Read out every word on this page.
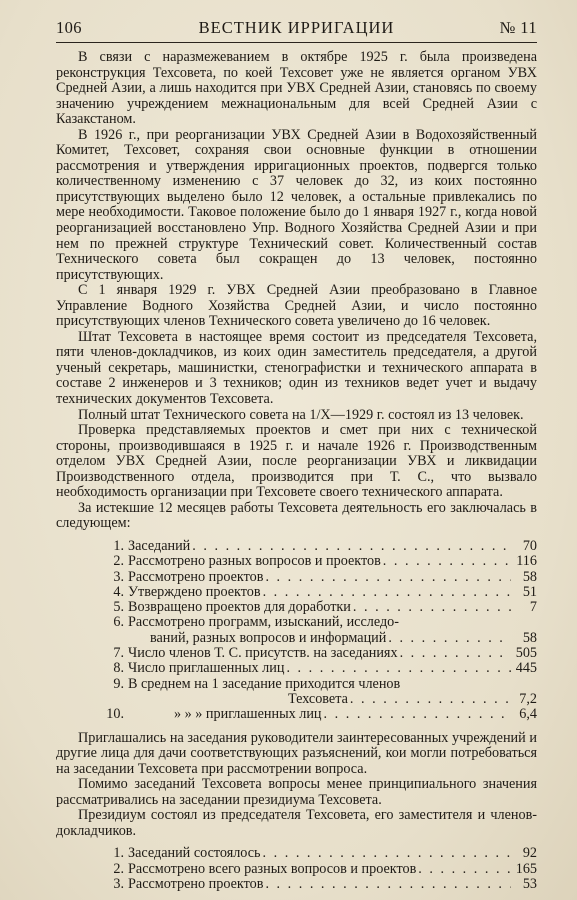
106	ВЕСТНИК ИРРИГАЦИИ	№ 11

В связи с наразмежеванием в октябре 1925 г. была произведена реконструкция Техсовета, по коей Техсовет уже не является органом УВХ Средней Азии, а лишь находится при УВХ Средней Азии, становясь по своему значению учреждением межнациональным для всей Средней Азии с Казакстаном.

В 1926 г., при реорганизации УВХ Средней Азии в Водохозяйственный Комитет, Техсовет, сохраняя свои основные функции в отношении рассмотрения и утверждения ирригационных проектов, подвергся только количественному изменению с 37 человек до 32, из коих постоянно присутствующих выделено было 12 человек, а остальные привлекались по мере необходимости. Таковое положение было до 1 января 1927 г., когда новой реорганизацией восстановлено Упр. Водного Хозяйства Средней Азии и при нем по прежней структуре Технический совет. Количественный состав Технического совета был сокращен до 13 человек, постоянно присутствующих.

С 1 января 1929 г. УВХ Средней Азии преобразовано в Главное Управление Водного Хозяйства Средней Азии, и число постоянно присутствующих членов Технического совета увеличено до 16 человек.

Штат Техсовета в настоящее время состоит из председателя Техсовета, пяти членов-докладчиков, из коих один заместитель председателя, а другой ученый секретарь, машинистки, стенографистки и технического аппарата в составе 2 инженеров и 3 техников; один из техников ведет учет и выдачу технических документов Техсовета.

Полный штат Технического совета на 1/X—1929 г. состоял из 13 человек.

Проверка представляемых проектов и смет при них с технической стороны, производившаяся в 1925 г. и начале 1926 г. Производственным отделом УВХ Средней Азии, после реорганизации УВХ и ликвидации Производственного отдела, производится при Т. С., что вызвало необходимость организации при Техсовете своего технического аппарата.

За истекшие 12 месяцев работы Техсовета деятельность его заключалась в следующем:

1. Заседаний . . .	70
2. Рассмотрено разных вопросов и проектов . . .	116
3. Рассмотрено проектов . . .	58
4. Утверждено проектов . . .	51
5. Возвращено проектов для доработки . . .	7
6. Рассмотрено программ, изысканий, исследо-
ваний, разных вопросов и информаций . . .	58
7. Число членов Т. С. присутств. на заседаниях . . .	505
8. Число приглашенных лиц . . .	445
9. В среднем на 1 заседание приходится членов
Техсовета . . .	7,2
10.	» » » приглашенных лиц . . .	6,4

Приглашались на заседания руководители заинтересованных учреждений и другие лица для дачи соответствующих разъяснений, кои могли потребоваться на заседании Техсовета при рассмотрении вопроса.

Помимо заседаний Техсовета вопросы менее принципиального значения рассматривались на заседании президиума Техсовета.

Президиум состоял из председателя Техсовета, его заместителя и членов-докладчиков.

1. Заседаний состоялось . . .	92
2. Рассмотрено всего разных вопросов и проектов . . .	165
3. Рассмотрено проектов . . .	53
